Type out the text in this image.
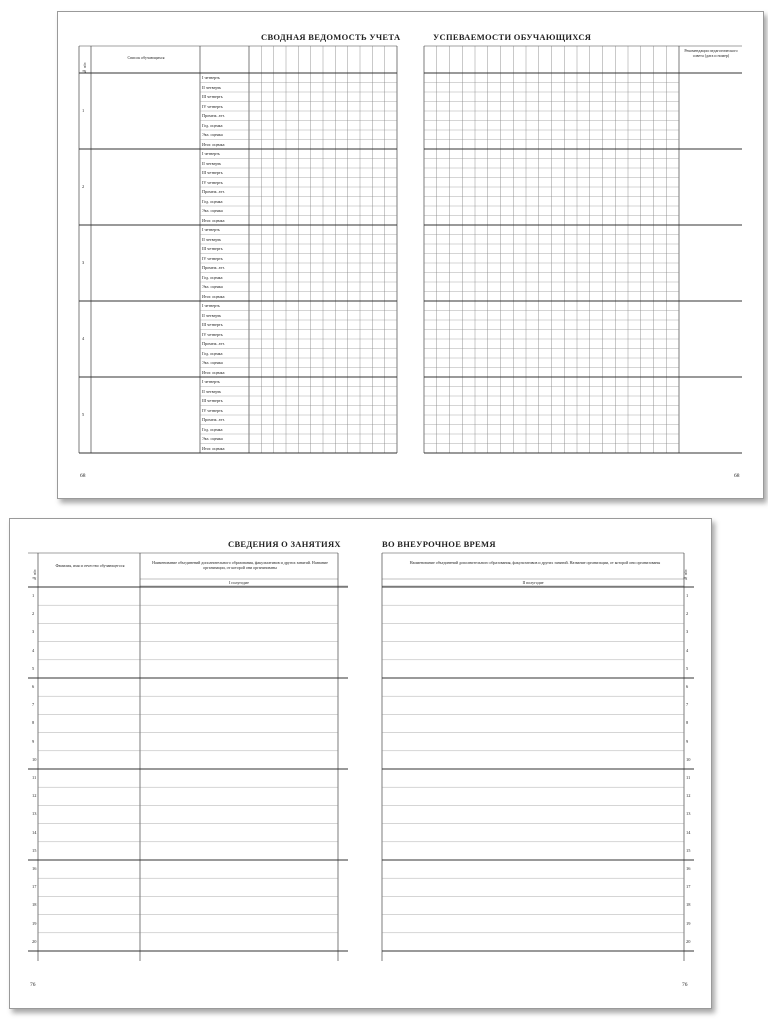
СВОДНАЯ ВЕДОМОСТЬ УЧЕТА	УСПЕВАЕМОСТИ ОБУЧАЮЩИХСЯ
№ п/п
Список обучающихся
Рекомендации педагогического совета (дата и номер)
1
I четверть
II четверть
III четверть
IV четверть
Промеж. атт.
Год. оценка
Экз. оценка
Итог. оценка
2
I четверть
II четверть
III четверть
IV четверть
Промеж. атт.
Год. оценка
Экз. оценка
Итог. оценка
3
I четверть
II четверть
III четверть
IV четверть
Промеж. атт.
Год. оценка
Экз. оценка
Итог. оценка
4
I четверть
II четверть
III четверть
IV четверть
Промеж. атт.
Год. оценка
Экз. оценка
Итог. оценка
5
I четверть
II четверть
III четверть
IV четверть
Промеж. атт.
Год. оценка
Экз. оценка
Итог. оценка
68	68
СВЕДЕНИЯ О ЗАНЯТИЯХ	ВО ВНЕУРОЧНОЕ ВРЕМЯ
№ п/п	№ п/п
Фамилия, имя и отчество обучающегося
Наименование объединений дополнительного образования, факультативов и других занятий. Название организации, от которой они организованы
Наименование объединений дополнительного образования, факультативов и других занятий. Название организации, от которой они организованы
I полугодие	II полугодие
1	1
2	2
3	3
4	4
5	5
6	6
7	7
8	8
9	9
10	10
11	11
12	12
13	13
14	14
15	15
16	16
17	17
18	18
19	19
20	20
76	76
